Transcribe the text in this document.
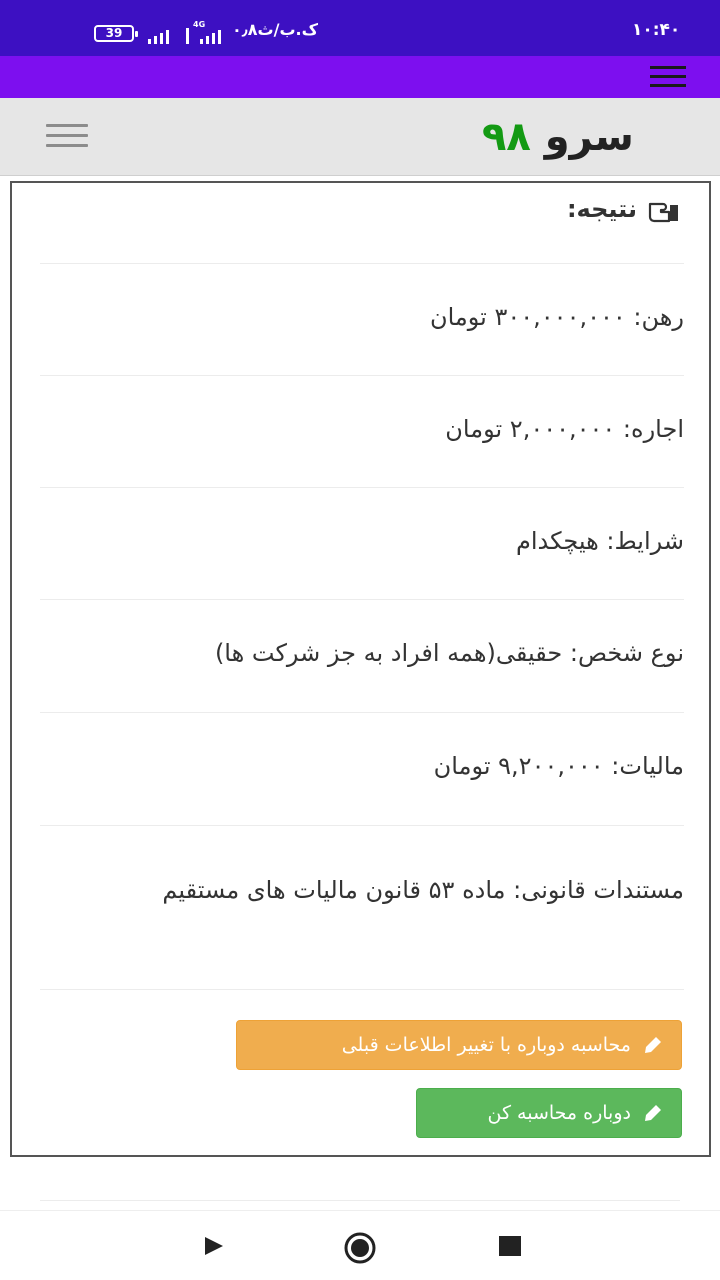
39
4G ۰٫۸ک.ب/ث	۱۰:۴۰
سرو ۹۸
نتیجه:
رهن: ۳۰۰,۰۰۰,۰۰۰ تومان
اجاره: ۲,۰۰۰,۰۰۰ تومان
شرایط: هیچکدام
نوع شخص: حقیقی(همه افراد به جز شرکت ها)
مالیات: ۹,۲۰۰,۰۰۰ تومان
مستندات قانونی: ماده ۵۳ قانون مالیات های مستقیم
محاسبه دوباره با تغییر اطلاعات قبلی
دوباره محاسبه کن
